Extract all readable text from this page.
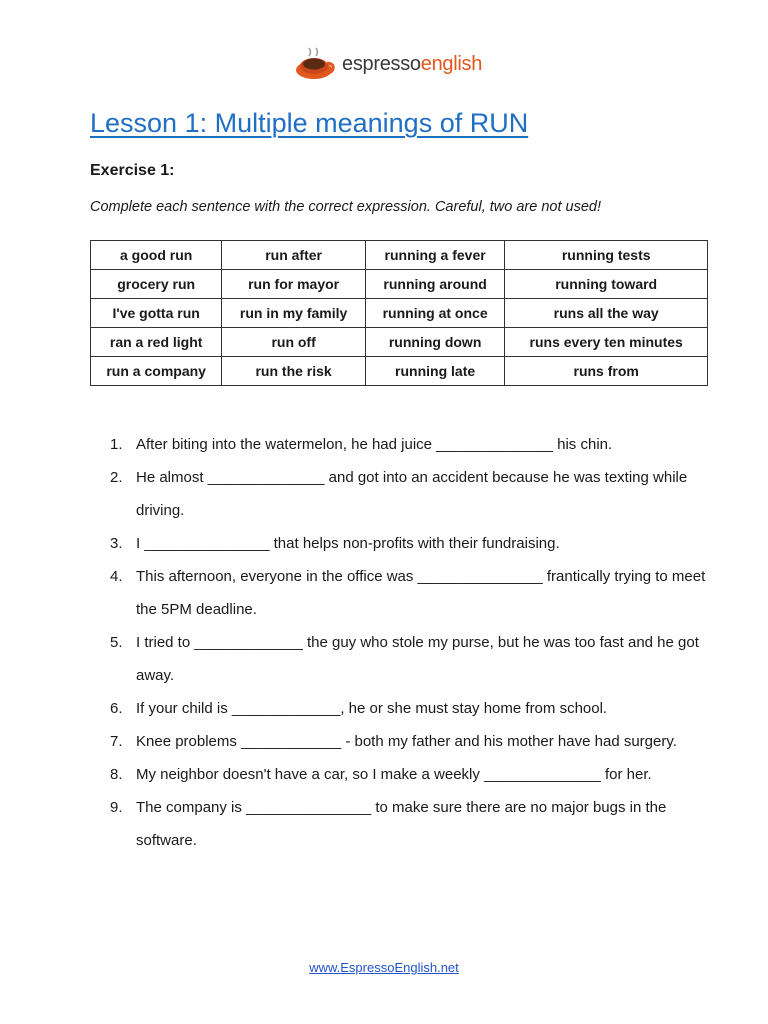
espressoenglish
Lesson 1: Multiple meanings of RUN
Exercise 1:

Complete each sentence with the correct expression. Careful, two are not used!

a good run	run after	running a fever	running tests
grocery run	run for mayor	running around	running toward
I've gotta run	run in my family	running at once	runs all the way
ran a red light	run off	running down	runs every ten minutes
run a company	run the risk	running late	runs from
1. After biting into the watermelon, he had juice ______________ his chin.
2. He almost ______________ and got into an accident because he was texting while driving.
3. I _______________ that helps non-profits with their fundraising.
4. This afternoon, everyone in the office was _______________ frantically trying to meet the 5PM deadline.
5. I tried to _____________ the guy who stole my purse, but he was too fast and he got away.
6. If your child is _____________, he or she must stay home from school.
7. Knee problems ____________ - both my father and his mother have had surgery.
8. My neighbor doesn't have a car, so I make a weekly ______________ for her.
9. The company is _______________ to make sure there are no major bugs in the software.
www.EspressoEnglish.net
